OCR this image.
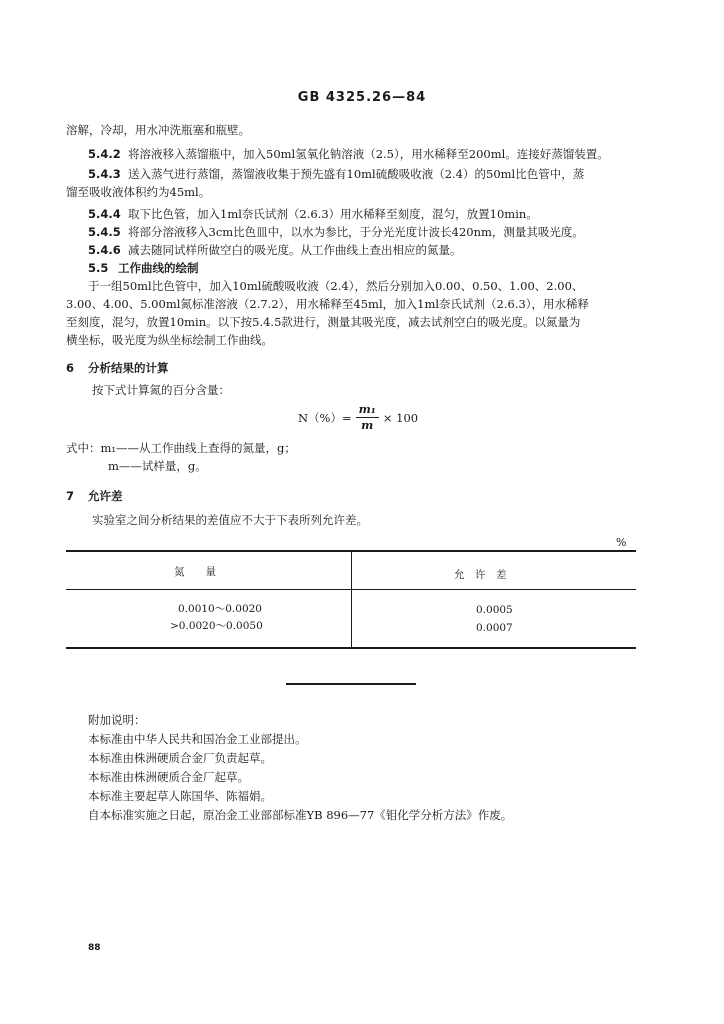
GB 4325.26—84
溶解，冷却，用水冲洗瓶塞和瓶壁。
5.4.2 将溶液移入蒸馏瓶中，加入50ml氢氧化钠溶液（2.5），用水稀释至200ml。连接好蒸馏装置。
5.4.3 送入蒸气进行蒸馏，蒸馏液收集于预先盛有10ml硫酸吸收液（2.4）的50ml比色管中，蒸
馏至吸收液体积约为45ml。
5.4.4 取下比色管，加入1ml奈氏试剂（2.6.3）用水稀释至刻度，混匀，放置10min。
5.4.5 将部分溶液移入3cm比色皿中，以水为参比，于分光光度计波长420nm，测量其吸光度。
5.4.6 减去随同试样所做空白的吸光度。从工作曲线上查出相应的氮量。
5.5 工作曲线的绘制
于一组50ml比色管中，加入10ml硫酸吸收液（2.4），然后分别加入0.00、0.50、1.00、2.00、
3.00、4.00、5.00ml氮标准溶液（2.7.2），用水稀释至45ml，加入1ml奈氏试剂（2.6.3），用水稀释
至刻度，混匀，放置10min。以下按5.4.5款进行，测量其吸光度，减去试剂空白的吸光度。以氮量为
横坐标，吸光度为纵坐标绘制工作曲线。
6 分析结果的计算
按下式计算氮的百分含量：
$N(\%)= \frac{\text{m₁}}{m} \times 100$
式中：m₁——从工作曲线上查得的氮量，g；
m——试样量，g。
7 允许差
实验室之间分析结果的差值应不大于下表所列允许差。
%
氮　　量	允　许　差
0.0010～0.0020	0.0005
>0.0020～0.0050	0.0007
附加说明：
本标准由中华人民共和国冶金工业部提出。
本标准由株洲硬质合金厂负责起草。
本标准由株洲硬质合金厂起草。
本标准主要起草人陈国华、陈福娟。
自本标准实施之日起，原冶金工业部部标准YB 896—77《钼化学分析方法》作废。
88
